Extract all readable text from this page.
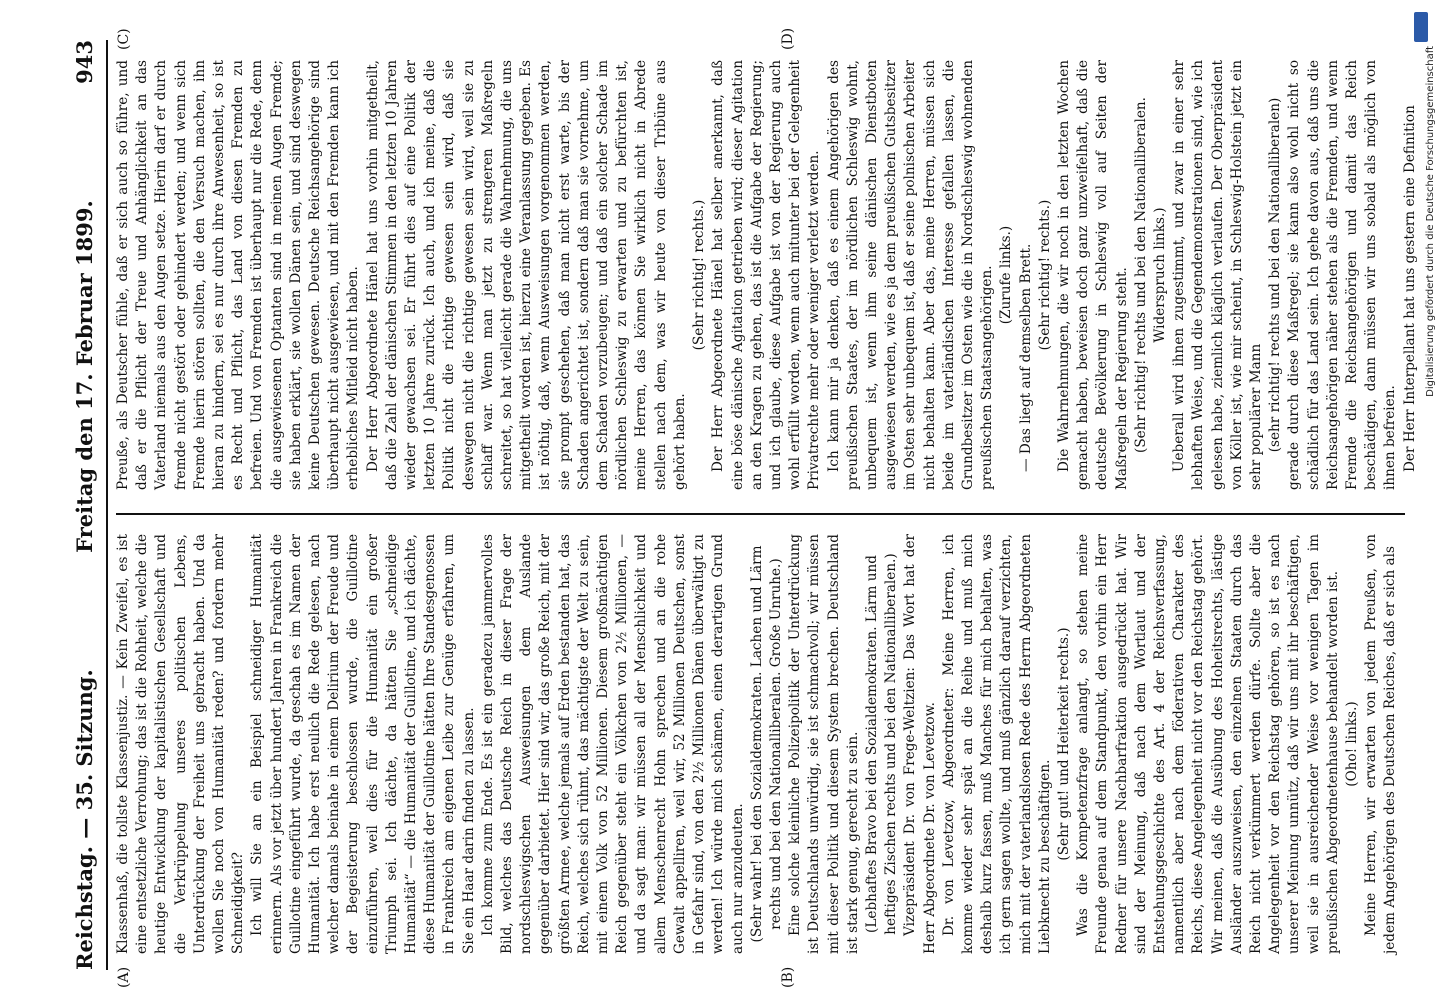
Reichstag. — 35. Sitzung.
Freitag den 17. Februar 1899.
943
(A)	(B)
(C)	(D)

Klassenhaß, die tollste Klassenjustiz. — Kein Zweifel, es ist eine entsetzliche Verrohung; das ist die Rohheit, welche die heutige Entwicklung der kapitalistischen Gesellschaft und die Verkrüppelung unseres politischen Lebens, Unterdrückung der Freiheit uns gebracht haben. Und da wollen Sie noch von Humanität reden? und fordern mehr Schneidigkeit? Ich will Sie an ein Beispiel schneidiger Humanität erinnern. Als vor jetzt über hundert Jahren in Frankreich die Guillotine eingeführt wurde, da geschah es im Namen der Humanität. Ich habe erst neulich die Rede gelesen, nach welcher damals beinahe in einem Delirium der Freude und der Begeisterung beschlossen wurde, die Guillotine einzuführen, weil dies für die Humanität ein großer Triumph sei. Ich dächte, da hätten Sie „schneidige Humanität“ — die Humanität der Guillotine, und ich dächte, diese Humanität der Guillotine hätten Ihre Standesgenossen in Frankreich am eigenen Leibe zur Genüge erfahren, um Sie ein Haar darin finden zu lassen. Ich komme zum Ende. Es ist ein geradezu jammervolles Bild, welches das Deutsche Reich in dieser Frage der nordschleswigschen Ausweisungen dem Auslande gegenüber darbietet. Hier sind wir, das große Reich, mit der größten Armee, welche jemals auf Erden bestanden hat, das Reich, welches sich rühmt, das mächtigste der Welt zu sein, mit einem Volk von 52 Millionen. Diesem großmächtigen Reich gegenüber steht ein Völkchen von 2½ Millionen, — und da sagt man: wir müssen all der Menschlichkeit und allem Menschenrecht Hohn sprechen und an die rohe Gewalt appelliren, weil wir, 52 Millionen Deutschen, sonst in Gefahr sind, von den 2½ Millionen Dänen überwältigt zu werden! Ich würde mich schämen, einen derartigen Grund auch nur anzudeuten. (Sehr wahr! bei den Sozialdemokraten. Lachen und Lärm rechts und bei den Nationalliberalen. Große Unruhe.) Eine solche kleinliche Polizeipolitik der Unterdrückung ist Deutschlands unwürdig, sie ist schmachvoll; wir müssen mit dieser Politik und diesem System brechen. Deutschland ist stark genug, gerecht zu sein. (Lebhaftes Bravo bei den Sozialdemokraten. Lärm und heftiges Zischen rechts und bei den Nationalliberalen.) Vizepräsident Dr. von Frege-Weltzien: Das Wort hat der Herr Abgeordnete Dr. von Levetzow. Dr. von Levetzow, Abgeordneter: Meine Herren, ich komme wieder sehr spät an die Reihe und muß mich deshalb kurz fassen, muß Manches für mich behalten, was ich gern sagen wollte, und muß gänzlich darauf verzichten, mich mit der vaterlandslosen Rede des Herrn Abgeordneten Liebknecht zu beschäftigen. (Sehr gut! und Heiterkeit rechts.) Was die Kompetenzfrage anlangt, so stehen meine Freunde genau auf dem Standpunkt, den vorhin ein Herr Redner für unsere Nachbarfraktion ausgedrückt hat. Wir sind der Meinung, daß nach dem Wortlaut und der Entstehungsgeschichte des Art. 4 der Reichsverfassung, namentlich aber nach dem föderativen Charakter des Reichs, diese Angelegenheit nicht vor den Reichstag gehört. Wir meinen, daß die Ausübung des Hoheitsrechts, lästige Ausländer auszuweisen, den einzelnen Staaten durch das Reich nicht verkümmert werden dürfe. Sollte aber die Angelegenheit vor den Reichstag gehören, so ist es nach unserer Meinung unnütz, daß wir uns mit ihr beschäftigen, weil sie in ausreichender Weise vor wenigen Tagen im preußischen Abgeordnetenhause behandelt worden ist. (Oho! links.) Meine Herren, wir erwarten von jedem Preußen, von jedem Angehörigen des Deutschen Reiches, daß er sich als

Preuße, als Deutscher fühle, daß er sich auch so führe, und daß er die Pflicht der Treue und Anhänglichkeit an das Vaterland niemals aus den Augen setze. Hierin darf er durch fremde nicht gestört oder gehindert werden; und wenn sich Fremde hierin stören sollten, die den Versuch machen, ihn hieran zu hindern, sei es nur durch ihre Anwesenheit, so ist es Recht und Pflicht, das Land von diesen Fremden zu befreien. Und von Fremden ist überhaupt nur die Rede, denn die ausgewiesenen Optanten sind in meinen Augen Fremde; sie haben erklärt, sie wollen Dänen sein, und sind deswegen keine Deutschen gewesen. Deutsche Reichsangehörige sind überhaupt nicht ausgewiesen, und mit den Fremden kann ich erhebliches Mitleid nicht haben. Der Herr Abgeordnete Hänel hat uns vorhin mitgetheilt, daß die Zahl der dänischen Stimmen in den letzten 10 Jahren wieder gewachsen sei. Er führt dies auf eine Politik der letzten 10 Jahre zurück. Ich auch, und ich meine, daß die Politik nicht die richtige gewesen sein wird, daß sie deswegen nicht die richtige gewesen sein wird, weil sie zu schlaff war. Wenn man jetzt zu strengeren Maßregeln schreitet, so hat vielleicht gerade die Wahrnehmung, die uns mitgetheilt worden ist, hierzu eine Veranlassung gegeben. Es ist nöthig, daß, wenn Ausweisungen vorgenommen werden, sie prompt geschehen, daß man nicht erst warte, bis der Schaden angerichtet ist, sondern daß man sie vornehme, um dem Schaden vorzubeugen; und daß ein solcher Schade im nördlichen Schleswig zu erwarten und zu befürchten ist, meine Herren, das können Sie wirklich nicht in Abrede stellen nach dem, was wir heute von dieser Tribüne aus gehört haben.

(Sehr richtig! rechts.) Der Herr Abgeordnete Hänel hat selber anerkannt, daß eine böse dänische Agitation getrieben wird; dieser Agitation an den Kragen zu gehen, das ist die Aufgabe der Regierung; und ich glaube, diese Aufgabe ist von der Regierung auch wohl erfüllt worden, wenn auch mitunter bei der Gelegenheit Privatrechte mehr oder weniger verletzt werden. Ich kann mir ja denken, daß es einem Angehörigen des preußischen Staates, der im nördlichen Schleswig wohnt, unbequem ist, wenn ihm seine dänischen Dienstboten ausgewiesen werden, wie es ja dem preußischen Gutsbesitzer im Osten sehr unbequem ist, daß er seine polnischen Arbeiter nicht behalten kann. Aber das, meine Herren, müssen sich beide im vaterländischen Interesse gefallen lassen, die Grundbesitzer im Osten wie die in Nordschleswig wohnenden preußischen Staatsangehörigen. (Zurufe links.) — Das liegt auf demselben Brett. (Sehr richtig! rechts.) Die Wahrnehmungen, die wir noch in den letzten Wochen gemacht haben, beweisen doch ganz unzweifelhaft, daß die deutsche Bevölkerung in Schleswig voll auf Seiten der Maßregeln der Regierung steht. (Sehr richtig! rechts und bei den Nationalliberalen. Widerspruch links.) Ueberall wird ihnen zugestimmt, und zwar in einer sehr lebhaften Weise, und die Gegendemonstrationen sind, wie ich gelesen habe, ziemlich kläglich verlaufen. Der Oberpräsident von Köller ist, wie mir scheint, in Schleswig-Holstein jetzt ein sehr populärer Mann (sehr richtig! rechts und bei den Nationalliberalen) gerade durch diese Maßregel; sie kann also wohl nicht so schädlich für das Land sein. Ich gehe davon aus, daß uns die Reichsangehörigen näher stehen als die Fremden, und wenn Fremde die Reichsangehörigen und damit das Reich beschädigen, dann müssen wir uns sobald als möglich von ihnen befreien. Der Herr Interpellant hat uns gestern eine Definition Digitalisierung gefördert durch die Deutsche Forschungsgemeinschaft
